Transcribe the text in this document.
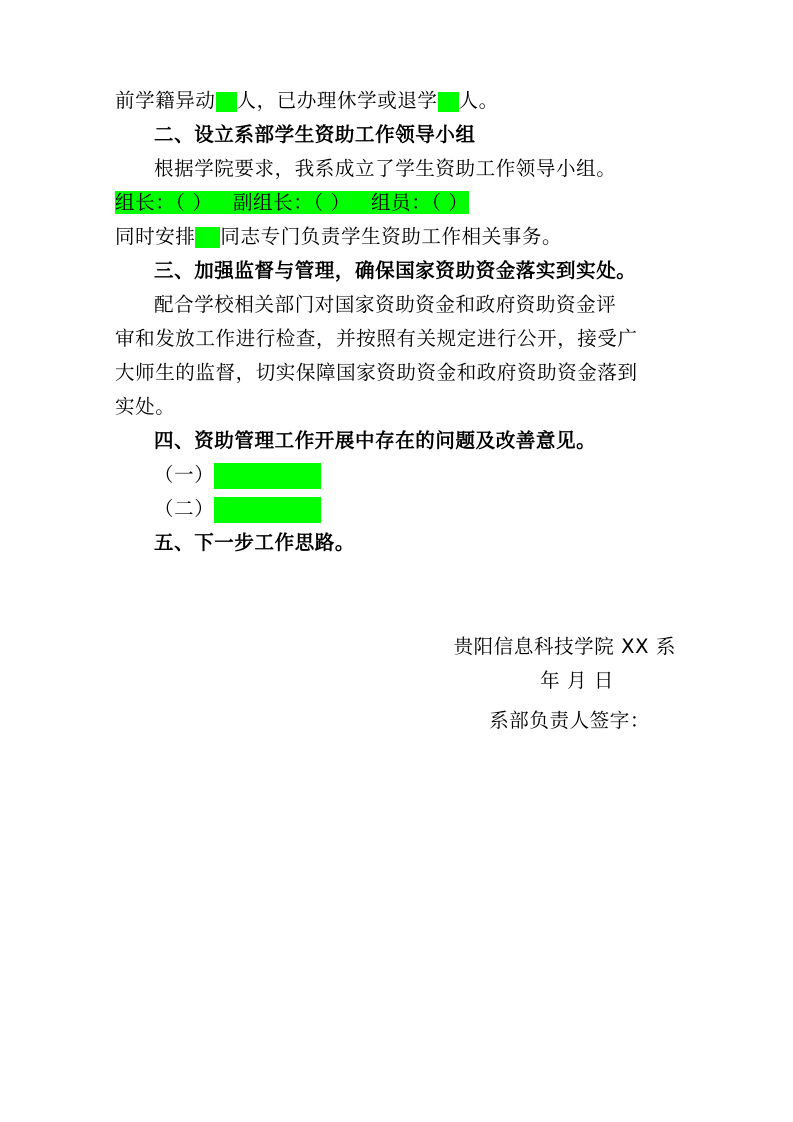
前学籍异动 人，已办理休学或退学 人。

二、设立系部学生资助工作领导小组

根据学院要求，我系成立了学生资助工作领导小组。

组长：（ ）   副组长：（ ）   组员：（ ）

同时安排 同志专门负责学生资助工作相关事务。

三、加强监督与管理，确保国家资助资金落实到实处。

配合学校相关部门对国家资助资金和政府资助资金评

审和发放工作进行检查，并按照有关规定进行公开，接受广

大师生的监督，切实保障国家资助资金和政府资助资金落到

实处。

四、资助管理工作开展中存在的问题及改善意见。

（一）

（二）

五、下一步工作思路。

贵阳信息科技学院 XX 系

年 月 日

系部负责人签字：
